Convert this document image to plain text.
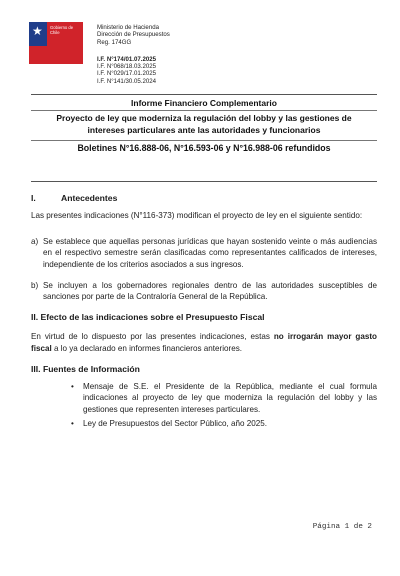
★ Gobierno de
Chile
Ministerio de Hacienda
Dirección de Presupuestos
Reg. 174GG
I.F. N°174/01.07.2025
I.F. N°068/18.03.2025
I.F. N°029/17.01.2025
I.F. N°141/30.05.2024
Informe Financiero Complementario
Proyecto de ley que moderniza la regulación del lobby y las gestiones de intereses particulares ante las autoridades y funcionarios
Boletines N°16.888-06, N°16.593-06 y N°16.988-06 refundidos
I.	Antecedentes
Las presentes indicaciones (N°116-373) modifican el proyecto de ley en el siguiente sentido:
a) Se establece que aquellas personas jurídicas que hayan sostenido veinte o más audiencias en el respectivo semestre serán clasificadas como representantes calificados de intereses, independiente de los criterios asociados a sus ingresos.
b) Se incluyen a los gobernadores regionales dentro de las autoridades susceptibles de sanciones por parte de la Contraloría General de la República.
II. Efecto de las indicaciones sobre el Presupuesto Fiscal
En virtud de lo dispuesto por las presentes indicaciones, estas no irrogarán mayor gasto fiscal a lo ya declarado en informes financieros anteriores.
III. Fuentes de Información
• Mensaje de S.E. el Presidente de la República, mediante el cual formula indicaciones al proyecto de ley que moderniza la regulación del lobby y las gestiones que representen intereses particulares.
• Ley de Presupuestos del Sector Público, año 2025.
Página 1 de 2
